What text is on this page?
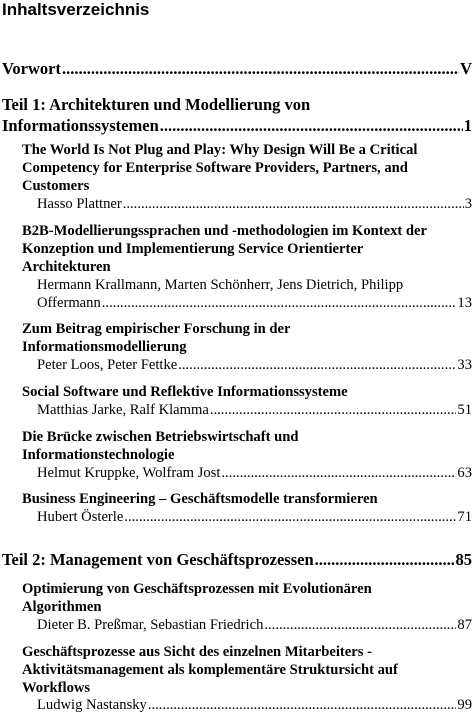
Inhaltsverzeichnis
Vorwort .....	V
Teil 1: Architekturen und Modellierung von
Informationssystemen .....	1
The World Is Not Plug and Play: Why Design Will Be a Critical
Competency for Enterprise Software Providers, Partners, and
Customers
Hasso Plattner .....	3
B2B-Modellierungssprachen und -methodologien im Kontext der
Konzeption und Implementierung Service Orientierter
Architekturen
Hermann Krallmann, Marten Schönherr, Jens Dietrich, Philipp
Offermann .....	13
Zum Beitrag empirischer Forschung in der
Informationsmodellierung
Peter Loos, Peter Fettke .....	33
Social Software und Reflektive Informationssysteme
Matthias Jarke, Ralf Klamma .....	51
Die Brücke zwischen Betriebswirtschaft und
Informationstechnologie
Helmut Kruppke, Wolfram Jost .....	63
Business Engineering – Geschäftsmodelle transformieren
Hubert Österle .....	71
Teil 2: Management von Geschäftsprozessen .....	85
Optimierung von Geschäftsprozessen mit Evolutionären
Algorithmen
Dieter B. Preßmar, Sebastian Friedrich .....	87
Geschäftsprozesse aus Sicht des einzelnen Mitarbeiters -
Aktivitätsmanagement als komplementäre Struktursicht auf
Workflows
Ludwig Nastansky .....	99
